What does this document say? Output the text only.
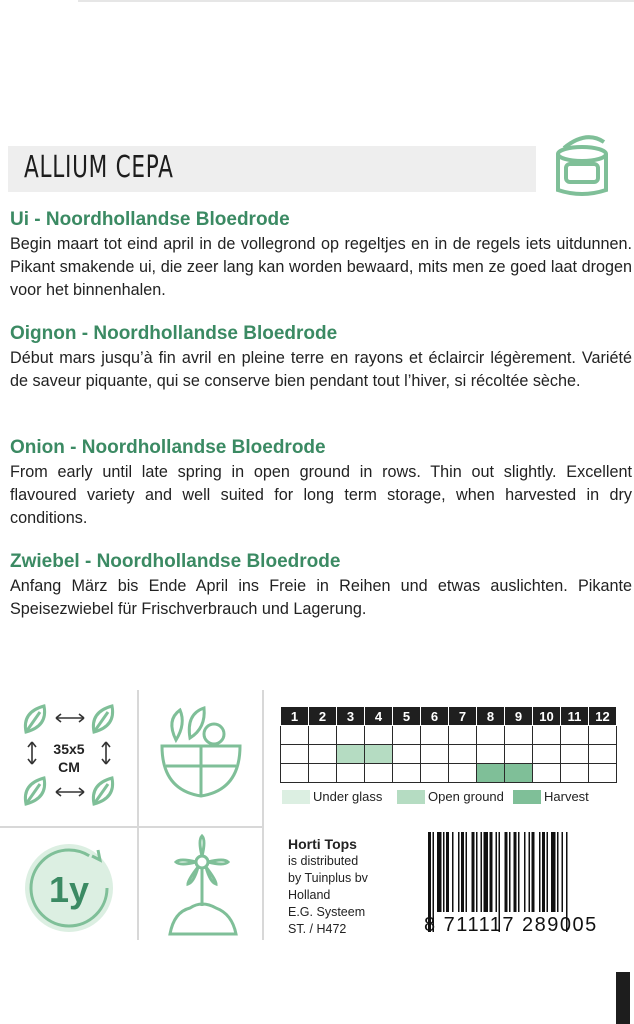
ALLIUM CEPA
Ui - Noordhollandse Bloedrode

Begin maart tot eind april in de vollegrond op regeltjes en in de regels iets uitdunnen. Pikant smakende ui, die zeer lang kan worden bewaard, mits men ze goed laat drogen voor het binnenhalen.

Oignon - Noordhollandse Bloedrode

Début mars jusqu’à fin avril en pleine terre en rayons et éclaircir légèrement. Variété de saveur piquante, qui se conserve bien pendant tout l’hiver, si récoltée sèche.

Onion - Noordhollandse Bloedrode

From early until late spring in open ground in rows. Thin out slightly. Excellent flavoured variety and well suited for long term storage, when harvested in dry conditions.

Zwiebel - Noordhollandse Bloedrode

Anfang März bis Ende April ins Freie in Reihen und etwas auslichten. Pikante Speisezwiebel für Frischverbrauch und Lagerung.

35x5
CM
1y
1	2	3	4	5	6	7	8	9	10	11	12

Under glass	Open ground	Harvest
Horti Tops
is distributed
by Tuinplus bv
Holland
E.G. Systeem
ST. / H472	8 711117 289005
